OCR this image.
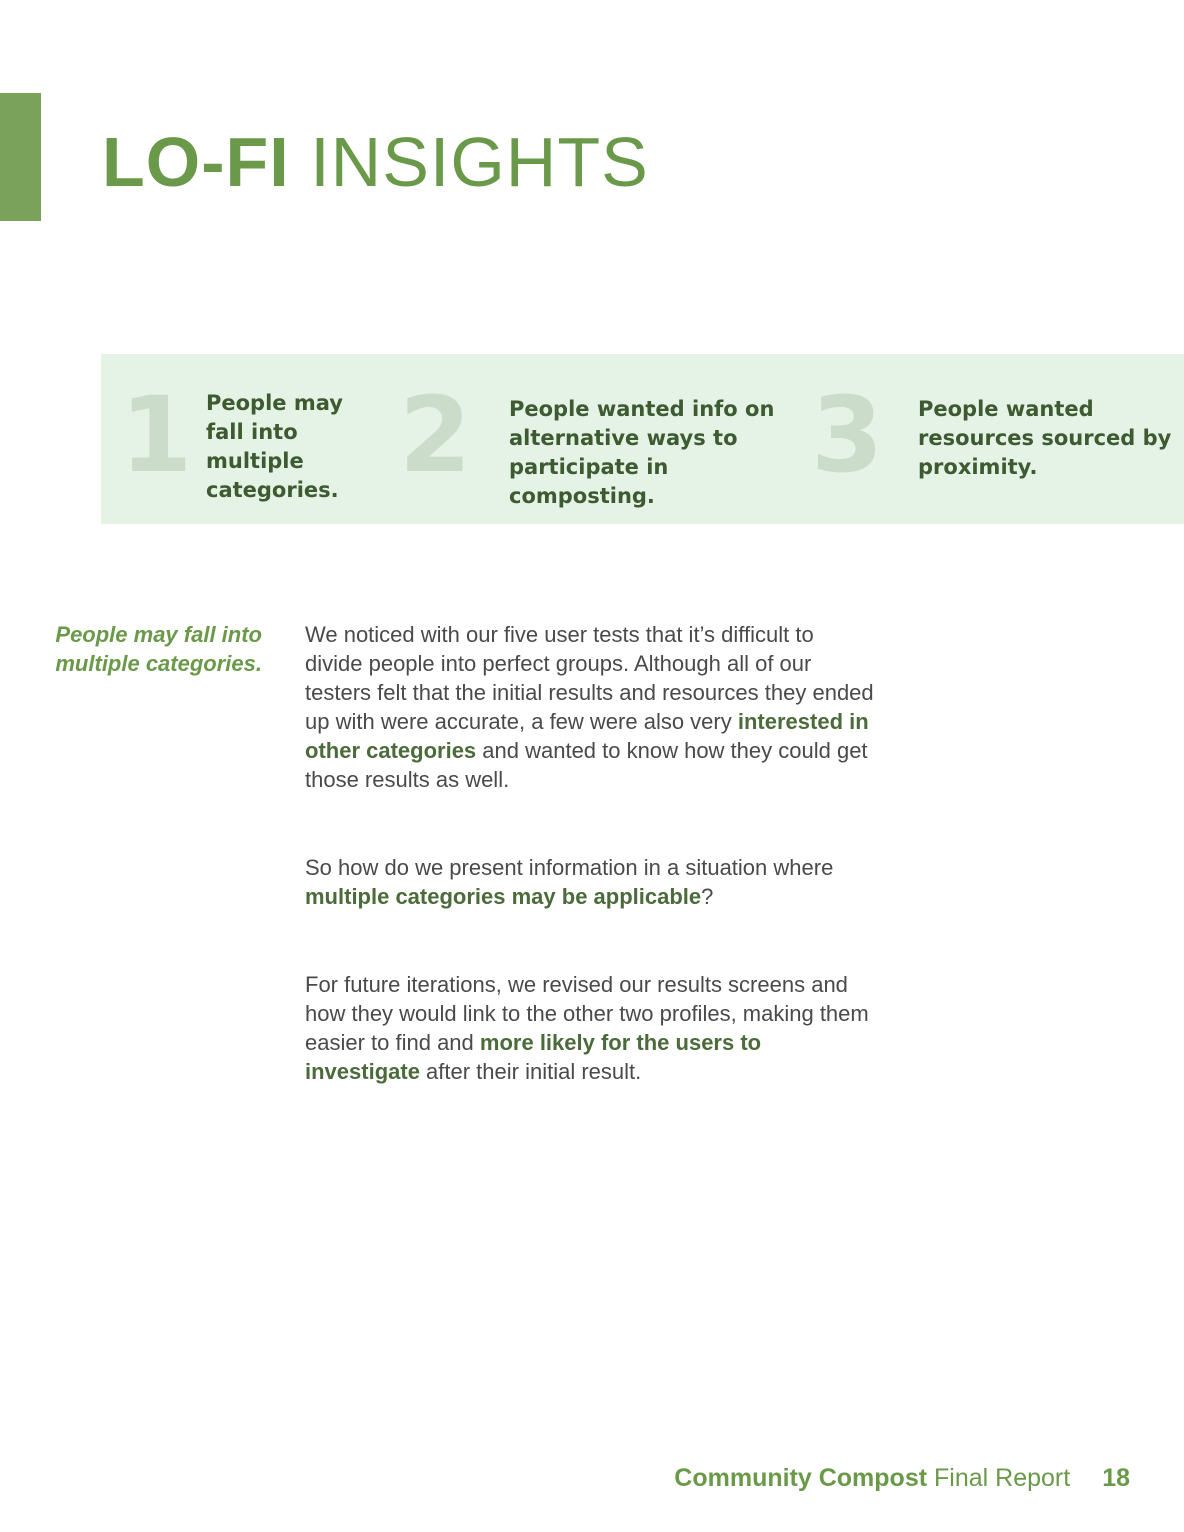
LO-FI INSIGHTS
1 People may fall into multiple categories. 2 People wanted info on alternative ways to participate in composting.	3 People wanted resources sourced by proximity.
People may fall into multiple categories.

We noticed with our five user tests that it’s difficult to divide people into perfect groups. Although all of our testers felt that the initial results and resources they ended up with were accurate, a few were also very interested in other categories and wanted to know how they could get those results as well.

So how do we present information in a situation where multiple categories may be applicable?

For future iterations, we revised our results screens and how they would link to the other two profiles, making them easier to find and more likely for the users to investigate after their initial result.

Community Compost Final Report 18
